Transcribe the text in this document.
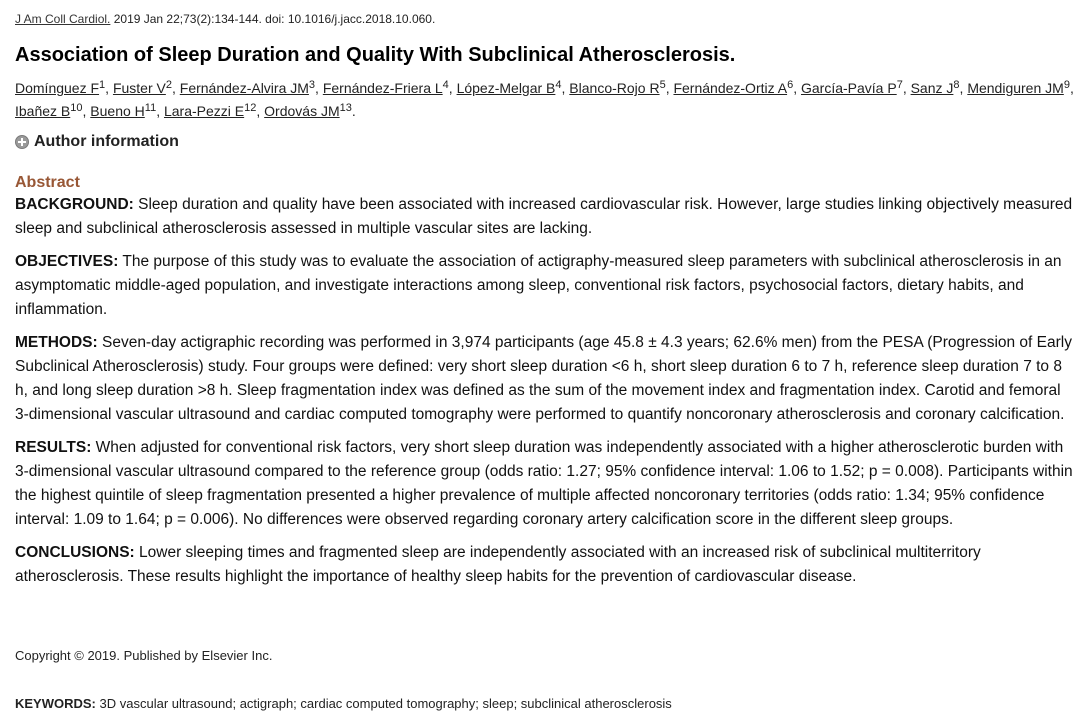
J Am Coll Cardiol. 2019 Jan 22;73(2):134-144. doi: 10.1016/j.jacc.2018.10.060.
Association of Sleep Duration and Quality With Subclinical Atherosclerosis.
Domínguez $F^1$, Fuster $V^2$, Fernández-Alvira $JM^3$, Fernández-Friera $L^4$, López-Melgar $B^4$, Blanco-Rojo $R^5$, Fernández-Ortiz $A^6$, García-Pavía $P^7$, Sanz $J^8$, Mendiguren $JM^9$, Ibañez $B^{10}$, Bueno $H^{11}$, Lara-Pezzi $E^{12}$, Ordovás JM$^{13}$.
Author information
Abstract

BACKGROUND: Sleep duration and quality have been associated with increased cardiovascular risk. However, large studies linking objectively measured sleep and subclinical atherosclerosis assessed in multiple vascular sites are lacking.

OBJECTIVES: The purpose of this study was to evaluate the association of actigraphy-measured sleep parameters with subclinical atherosclerosis in an asymptomatic middle-aged population, and investigate interactions among sleep, conventional risk factors, psychosocial factors, dietary habits, and inflammation.

METHODS: Seven-day actigraphic recording was performed in 3,974 participants (age 45.8 ± 4.3 years; 62.6% men) from the PESA (Progression of Early Subclinical Atherosclerosis) study. Four groups were defined: very short sleep duration <6 h, short sleep duration 6 to 7 h, reference sleep duration 7 to 8 h, and long sleep duration >8 h. Sleep fragmentation index was defined as the sum of the movement index and fragmentation index. Carotid and femoral 3-dimensional vascular ultrasound and cardiac computed tomography were performed to quantify noncoronary atherosclerosis and coronary calcification.

RESULTS: When adjusted for conventional risk factors, very short sleep duration was independently associated with a higher atherosclerotic burden with 3-dimensional vascular ultrasound compared to the reference group (odds ratio: 1.27; 95% confidence interval: 1.06 to 1.52; p = 0.008). Participants within the highest quintile of sleep fragmentation presented a higher prevalence of multiple affected noncoronary territories (odds ratio: 1.34; 95% confidence interval: 1.09 to 1.64; p = 0.006). No differences were observed regarding coronary artery calcification score in the different sleep groups.

CONCLUSIONS: Lower sleeping times and fragmented sleep are independently associated with an increased risk of subclinical multiterritory atherosclerosis. These results highlight the importance of healthy sleep habits for the prevention of cardiovascular disease.

Copyright © 2019. Published by Elsevier Inc.
KEYWORDS: 3D vascular ultrasound; actigraph; cardiac computed tomography; sleep; subclinical atherosclerosis
